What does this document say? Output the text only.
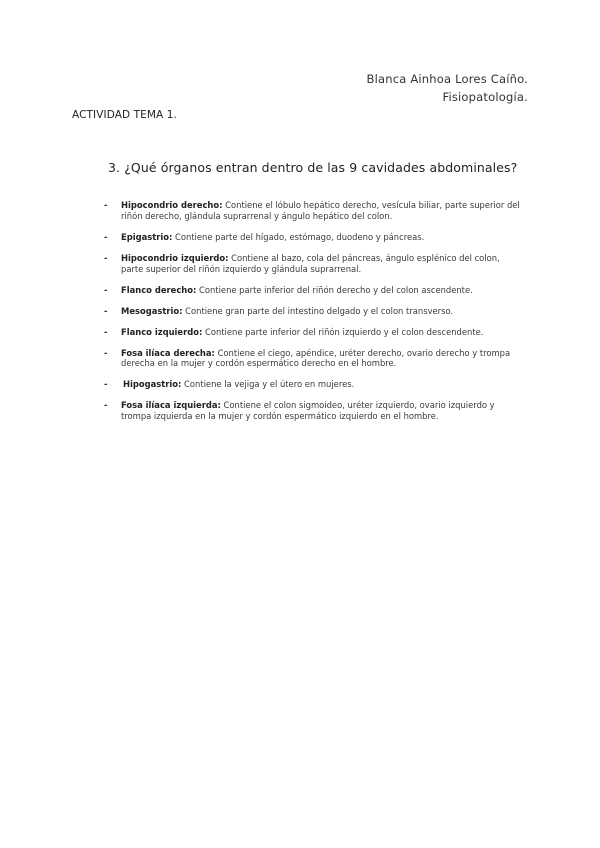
Blanca Ainhoa Lores Caíño.
Fisiopatología.
ACTIVIDAD TEMA 1.
3. ¿Qué órganos entran dentro de las 9 cavidades abdominales?
- Hipocondrio derecho: Contiene el lóbulo hepático derecho, vesícula biliar, parte superior del riñón derecho, glándula suprarrenal y ángulo hepático del colon.
- Epigastrio: Contiene parte del hígado, estómago, duodeno y páncreas.
- Hipocondrio izquierdo: Contiene al bazo, cola del páncreas, ángulo esplénico del colon, parte superior del riñón izquierdo y glándula suprarrenal.
- Flanco derecho: Contiene parte inferior del riñón derecho y del colon ascendente.
- Mesogastrio: Contiene gran parte del intestino delgado y el colon transverso.
- Flanco izquierdo: Contiene parte inferior del riñón izquierdo y el colon descendente.
- Fosa ilíaca derecha: Contiene el ciego, apéndice, uréter derecho, ovario derecho y trompa derecha en la mujer y cordón espermático derecho en el hombre.
- Hipogastrio: Contiene la vejiga y el útero en mujeres.
- Fosa ilíaca izquierda: Contiene el colon sigmoideo, uréter izquierdo, ovario izquierdo y trompa izquierda en la mujer y cordón espermático izquierdo en el hombre.
